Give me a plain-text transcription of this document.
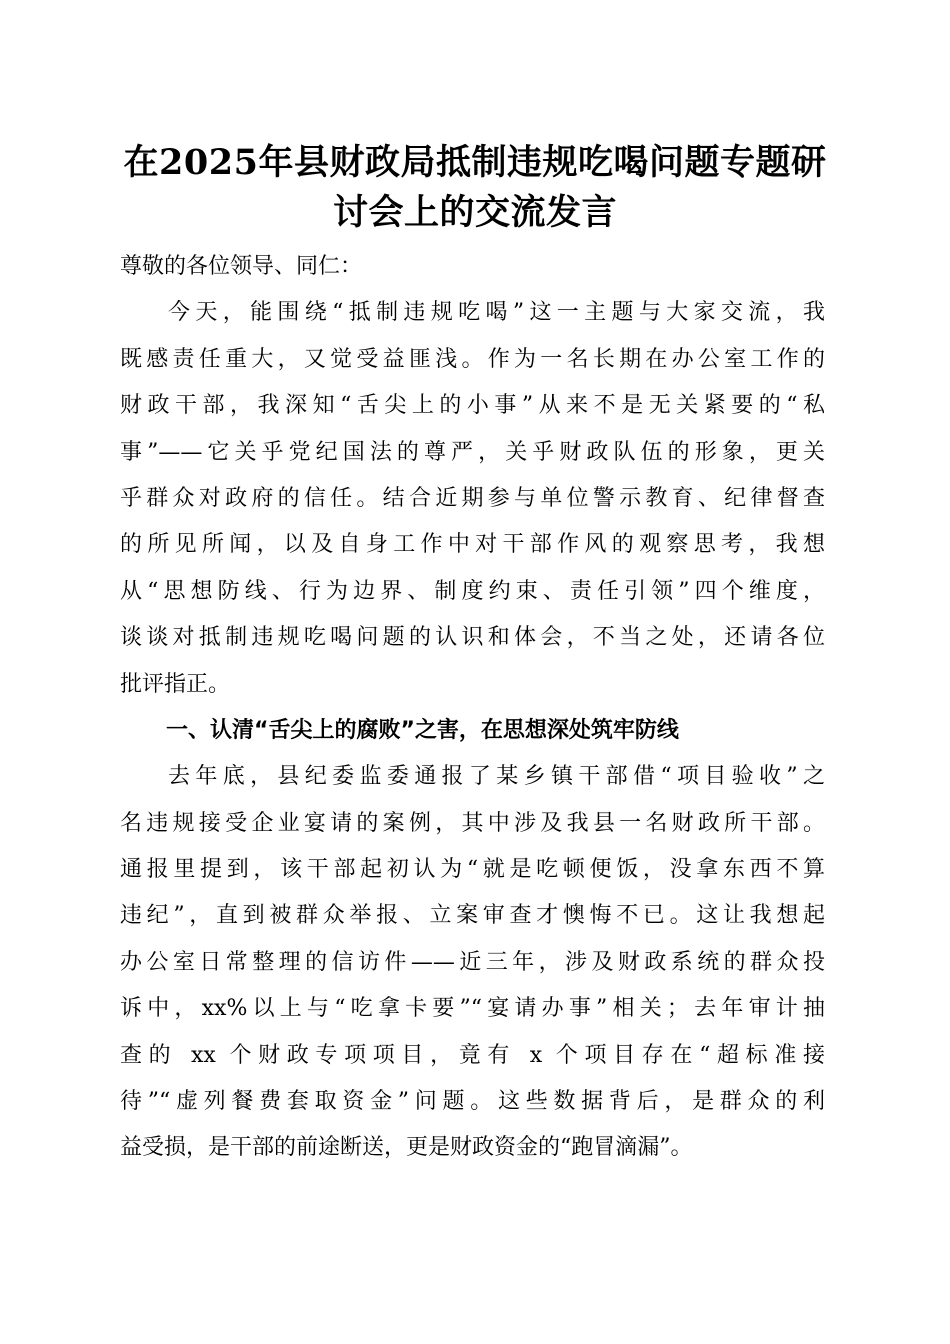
在2025年县财政局抵制违规吃喝问题专题研
讨会上的交流发言
尊敬的各位领导、同仁：
今天，能围绕“抵制违规吃喝”这一主题与大家交流，我
既感责任重大，又觉受益匪浅。作为一名长期在办公室工作的
财政干部，我深知“舌尖上的小事”从来不是无关紧要的“私
事”——它关乎党纪国法的尊严，关乎财政队伍的形象，更关
乎群众对政府的信任。结合近期参与单位警示教育、纪律督查
的所见所闻，以及自身工作中对干部作风的观察思考，我想
从“思想防线、行为边界、制度约束、责任引领”四个维度，
谈谈对抵制违规吃喝问题的认识和体会，不当之处，还请各位
批评指正。
一、认清“舌尖上的腐败”之害，在思想深处筑牢防线
去年底，县纪委监委通报了某乡镇干部借“项目验收”之
名违规接受企业宴请的案例，其中涉及我县一名财政所干部。
通报里提到，该干部起初认为“就是吃顿便饭，没拿东西不算
违纪”，直到被群众举报、立案审查才懊悔不已。这让我想起
办公室日常整理的信访件——近三年，涉及财政系统的群众投
诉中，xx%以上与“吃拿卡要”“宴请办事”相关；去年审计抽
查的 xx 个财政专项项目，竟有 x 个项目存在“超标准接
待”“虚列餐费套取资金”问题。这些数据背后，是群众的利
益受损，是干部的前途断送，更是财政资金的“跑冒滴漏”。
